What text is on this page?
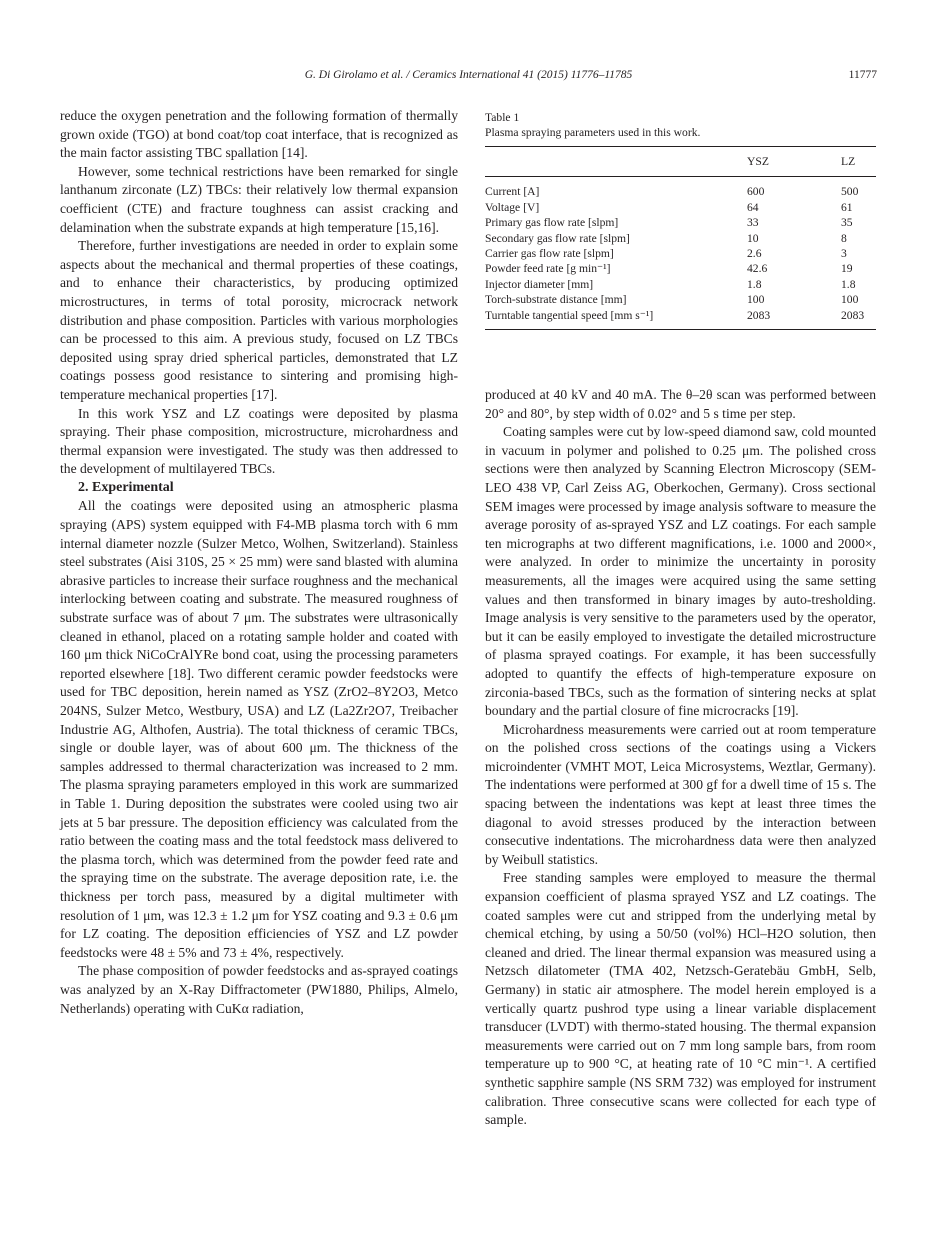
G. Di Girolamo et al. / Ceramics International 41 (2015) 11776–11785	11777

reduce the oxygen penetration and the following formation of thermally grown oxide (TGO) at bond coat/top coat interface, that is recognized as the main factor assisting TBC spallation [14].

However, some technical restrictions have been remarked for single lanthanum zirconate (LZ) TBCs: their relatively low thermal expansion coefficient (CTE) and fracture toughness can assist cracking and delamination when the substrate expands at high temperature [15,16].

Therefore, further investigations are needed in order to explain some aspects about the mechanical and thermal properties of these coatings, and to enhance their characteristics, by producing optimized microstructures, in terms of total porosity, microcrack network distribution and phase composition. Particles with various morphologies can be processed to this aim. A previous study, focused on LZ TBCs deposited using spray dried spherical particles, demonstrated that LZ coatings possess good resistance to sintering and promising high-temperature mechanical properties [17].

In this work YSZ and LZ coatings were deposited by plasma spraying. Their phase composition, microstructure, microhardness and thermal expansion were investigated. The study was then addressed to the development of multilayered TBCs.

2. Experimental

All the coatings were deposited using an atmospheric plasma spraying (APS) system equipped with F4-MB plasma torch with 6 mm internal diameter nozzle (Sulzer Metco, Wolhen, Switzerland). Stainless steel substrates (Aisi 310S, 25 × 25 mm) were sand blasted with alumina abrasive particles to increase their surface roughness and the mechanical interlocking between coating and substrate. The measured roughness of substrate surface was of about 7 μm. The substrates were ultrasonically cleaned in ethanol, placed on a rotating sample holder and coated with 160 μm thick NiCoCrAlYRe bond coat, using the processing parameters reported elsewhere [18]. Two different ceramic powder feedstocks were used for TBC deposition, herein named as YSZ (ZrO2–8Y2O3, Metco 204NS, Sulzer Metco, Westbury, USA) and LZ (La2Zr2O7, Treibacher Industrie AG, Althofen, Austria). The total thickness of ceramic TBCs, single or double layer, was of about 600 μm. The thickness of the samples addressed to thermal characterization was increased to 2 mm. The plasma spraying parameters employed in this work are summarized in Table 1. During deposition the substrates were cooled using two air jets at 5 bar pressure. The deposition efficiency was calculated from the ratio between the coating mass and the total feedstock mass delivered to the plasma torch, which was determined from the powder feed rate and the spraying time on the substrate. The average deposition rate, i.e. the thickness per torch pass, measured by a digital multimeter with resolution of 1 μm, was 12.3 ± 1.2 μm for YSZ coating and 9.3 ± 0.6 μm for LZ coating. The deposition efficiencies of YSZ and LZ powder feedstocks were 48 ± 5% and 73 ± 4%, respectively.

The phase composition of powder feedstocks and as-sprayed coatings was analyzed by an X-Ray Diffractometer (PW1880, Philips, Almelo, Netherlands) operating with CuKα radiation,

Table 1
Plasma spraying parameters used in this work.
	YSZ	LZ
Current [A]	600	500
Voltage [V]	64	61
Primary gas flow rate [slpm]	33	35
Secondary gas flow rate [slpm]	10	8
Carrier gas flow rate [slpm]	2.6	3
Powder feed rate [g min⁻¹]	42.6	19
Injector diameter [mm]	1.8	1.8
Torch-substrate distance [mm]	100	100
Turntable tangential speed [mm s⁻¹]	2083	2083

produced at 40 kV and 40 mA. The θ–2θ scan was performed between 20° and 80°, by step width of 0.02° and 5 s time per step.

Coating samples were cut by low-speed diamond saw, cold mounted in vacuum in polymer and polished to 0.25 μm. The polished cross sections were then analyzed by Scanning Electron Microscopy (SEM-LEO 438 VP, Carl Zeiss AG, Oberkochen, Germany). Cross sectional SEM images were processed by image analysis software to measure the average porosity of as-sprayed YSZ and LZ coatings. For each sample ten micrographs at two different magnifications, i.e. 1000 and 2000×, were analyzed. In order to minimize the uncertainty in porosity measurements, all the images were acquired using the same setting values and then transformed in binary images by auto-tresholding. Image analysis is very sensitive to the parameters used by the operator, but it can be easily employed to investigate the detailed microstructure of plasma sprayed coatings. For example, it has been successfully adopted to quantify the effects of high-temperature exposure on zirconia-based TBCs, such as the formation of sintering necks at splat boundary and the partial closure of fine microcracks [19].

Microhardness measurements were carried out at room temperature on the polished cross sections of the coatings using a Vickers microindenter (VMHT MOT, Leica Microsystems, Weztlar, Germany). The indentations were performed at 300 gf for a dwell time of 15 s. The spacing between the indentations was kept at least three times the diagonal to avoid stresses produced by the interaction between consecutive indentations. The microhardness data were then analyzed by Weibull statistics.

Free standing samples were employed to measure the thermal expansion coefficient of plasma sprayed YSZ and LZ coatings. The coated samples were cut and stripped from the underlying metal by chemical etching, by using a 50/50 (vol%) HCl–H2O solution, then cleaned and dried. The linear thermal expansion was measured using a Netzsch dilatometer (TMA 402, Netzsch-Geratebäu GmbH, Selb, Germany) in static air atmosphere. The model herein employed is a vertically quartz pushrod type using a linear variable displacement transducer (LVDT) with thermo-stated housing. The thermal expansion measurements were carried out on 7 mm long sample bars, from room temperature up to 900 °C, at heating rate of 10 °C min⁻¹. A certified synthetic sapphire sample (NS SRM 732) was employed for instrument calibration. Three consecutive scans were collected for each type of sample.
